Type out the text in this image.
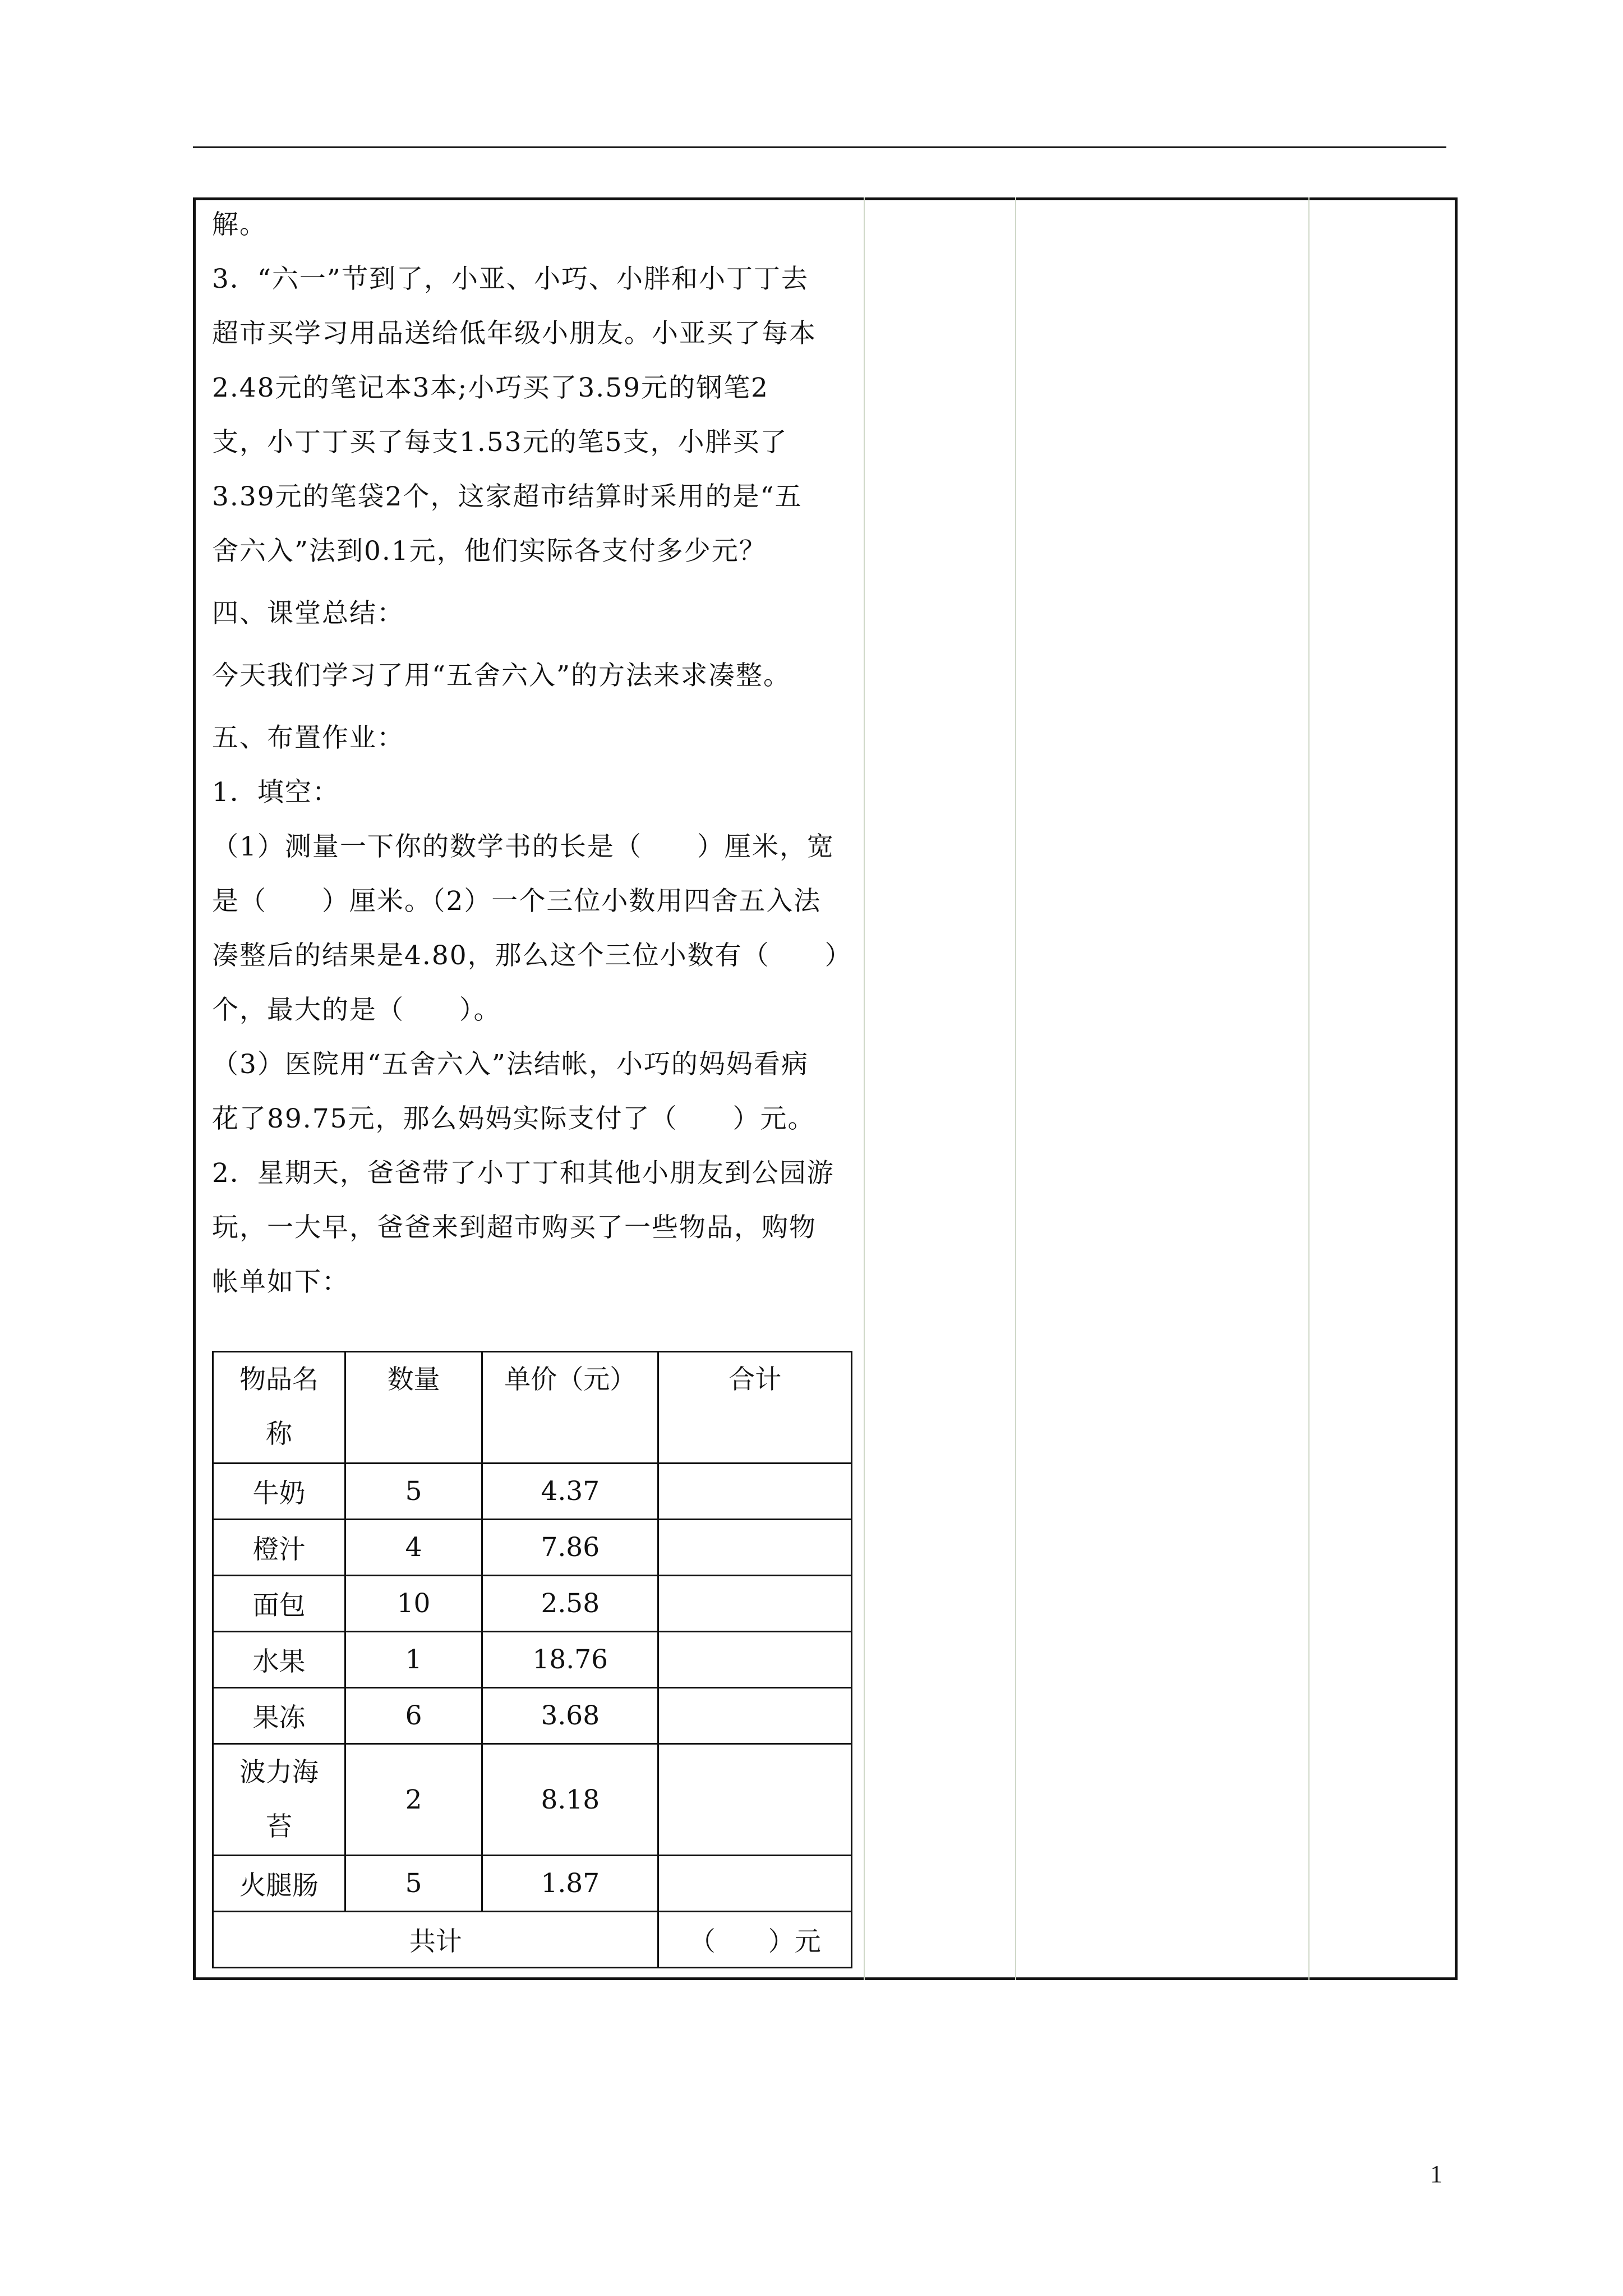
解。

3．“六一”节到了，小亚、小巧、小胖和小丁丁去

超市买学习用品送给低年级小朋友。小亚买了每本

2.48元的笔记本3本;小巧买了3.59元的钢笔2

支，小丁丁买了每支1.53元的笔5支，小胖买了

3.39元的笔袋2个，这家超市结算时采用的是“五

舍六入”法到0.1元，他们实际各支付多少元？

四、课堂总结：

今天我们学习了用“五舍六入”的方法来求凑整。

五、布置作业：

1．填空：

（1）测量一下你的数学书的长是（　　）厘米，宽

是（　　）厘米。（2）一个三位小数用四舍五入法

凑整后的结果是4.80，那么这个三位小数有（　　）

个，最大的是（　　）。

（3）医院用“五舍六入”法结帐，小巧的妈妈看病

花了89.75元，那么妈妈实际支付了（　　）元。

2．星期天，爸爸带了小丁丁和其他小朋友到公园游

玩，一大早，爸爸来到超市购买了一些物品，购物

帐单如下：

物品名
称	数量	单价（元）	合计

牛奶	5	4.37	
橙汁	4	7.86	
面包	10	2.58	
水果	1	18.76	
果冻	6	3.68	

波力海
苔	2	8.18	
火腿肠	5	1.87	
共计			（　　）元
1
